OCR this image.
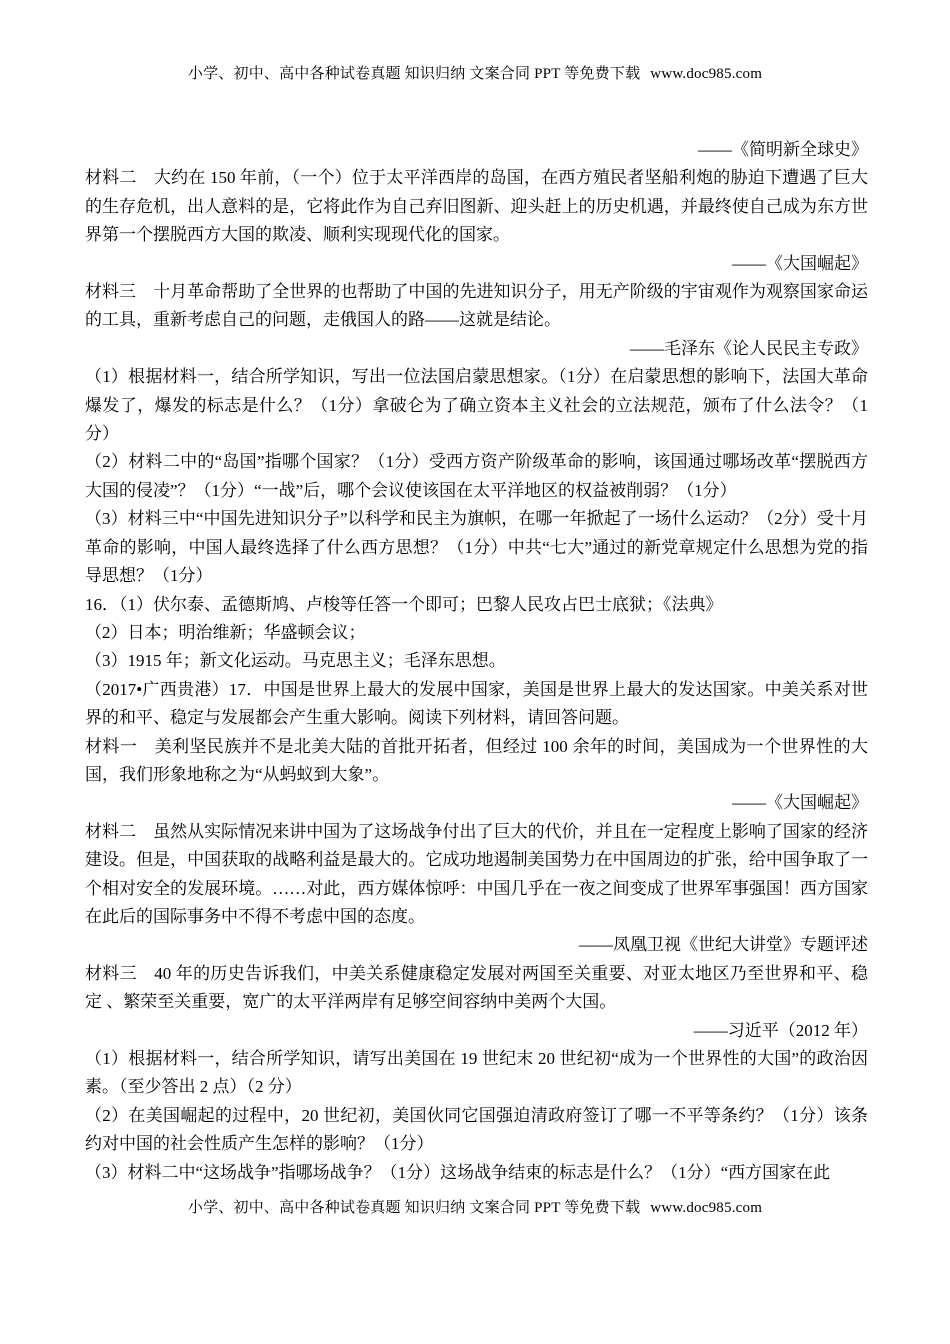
小学、初中、高中各种试卷真题 知识归纳 文案合同 PPT 等免费下载 www.doc985.com

——《简明新全球史》

材料二　大约在 150 年前，（一个）位于太平洋西岸的岛国，在西方殖民者坚船利炮的胁迫下遭遇了巨大的生存危机，出人意料的是，它将此作为自己弃旧图新、迎头赶上的历史机遇，并最终使自己成为东方世界第一个摆脱西方大国的欺凌、顺利实现现代化的国家。

——《大国崛起》

材料三　十月革命帮助了全世界的也帮助了中国的先进知识分子，用无产阶级的宇宙观作为观察国家命运的工具，重新考虑自己的问题，走俄国人的路——这就是结论。

——毛泽东《论人民民主专政》

（1）根据材料一，结合所学知识，写出一位法国启蒙思想家。（1分）在启蒙思想的影响下，法国大革命爆发了，爆发的标志是什么？（1分）拿破仑为了确立资本主义社会的立法规范，颁布了什么法令？（1分）

（2）材料二中的“岛国”指哪个国家？（1分）受西方资产阶级革命的影响，该国通过哪场改革“摆脱西方大国的侵凌”？（1分）“一战”后，哪个会议使该国在太平洋地区的权益被削弱？（1分）

（3）材料三中“中国先进知识分子”以科学和民主为旗帜，在哪一年掀起了一场什么运动？（2分）受十月革命的影响，中国人最终选择了什么西方思想？（1分）中共“七大”通过的新党章规定什么思想为党的指导思想？（1分）

16．（1）伏尔泰、孟德斯鸠、卢梭等任答一个即可；巴黎人民攻占巴士底狱；《法典》

（2）日本；明治维新；华盛顿会议；

（3）1915 年；新文化运动。马克思主义；毛泽东思想。

（2017•广西贵港）17．中国是世界上最大的发展中国家，美国是世界上最大的发达国家。中美关系对世界的和平、稳定与发展都会产生重大影响。阅读下列材料，请回答问题。

材料一　美利坚民族并不是北美大陆的首批开拓者，但经过 100 余年的时间，美国成为一个世界性的大国，我们形象地称之为“从蚂蚁到大象”。

——《大国崛起》

材料二　虽然从实际情况来讲中国为了这场战争付出了巨大的代价，并且在一定程度上影响了国家的经济建设。但是，中国获取的战略利益是最大的。它成功地遏制美国势力在中国周边的扩张，给中国争取了一个相对安全的发展环境。……对此，西方媒体惊呼：中国几乎在一夜之间变成了世界军事强国！西方国家在此后的国际事务中不得不考虑中国的态度。

——凤凰卫视《世纪大讲堂》专题评述

材料三　40 年的历史告诉我们，中美关系健康稳定发展对两国至关重要、对亚太地区乃至世界和平、稳定 、繁荣至关重要，宽广的太平洋两岸有足够空间容纳中美两个大国。

——习近平（2012 年）

（1）根据材料一，结合所学知识，请写出美国在 19 世纪末 20 世纪初“成为一个世界性的大国”的政治因素。（至少答出 2 点）（2 分）

（2）在美国崛起的过程中，20 世纪初，美国伙同它国强迫清政府签订了哪一不平等条约？（1分）该条约对中国的社会性质产生怎样的影响？（1分）

（3）材料二中“这场战争”指哪场战争？（1分）这场战争结束的标志是什么？（1分）“西方国家在此

小学、初中、高中各种试卷真题 知识归纳 文案合同 PPT 等免费下载 www.doc985.com
